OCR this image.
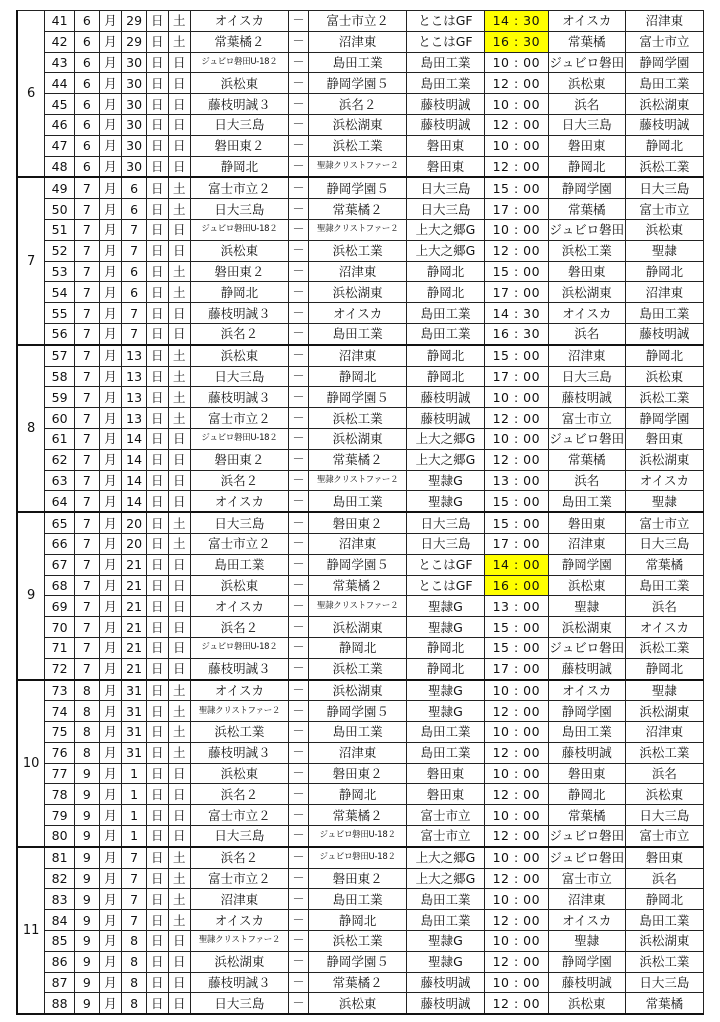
6	41	6	月	29	日	土	オイスカ	－	富士市立２	とこはGF	14 : 30	オイスカ	沼津東
	42	6	月	29	日	土	常葉橘２	－	沼津東	とこはGF	16 : 30	常葉橘	富士市立
	43	6	月	30	日	日	ジュビロ磐田U-18２	－	島田工業	島田工業	10 : 00	ジュビロ磐田	静岡学園
	44	6	月	30	日	日	浜松東	－	静岡学園５	島田工業	12 : 00	浜松東	島田工業
	45	6	月	30	日	日	藤枝明誠３	－	浜名２	藤枝明誠	10 : 00	浜名	浜松湖東
	46	6	月	30	日	日	日大三島	－	浜松湖東	藤枝明誠	12 : 00	日大三島	藤枝明誠
	47	6	月	30	日	日	磐田東２	－	浜松工業	磐田東	10 : 00	磐田東	静岡北
	48	6	月	30	日	日	静岡北	－	聖隷クリストファー２	磐田東	12 : 00	静岡北	浜松工業
7	49	7	月	6	日	土	富士市立２	－	静岡学園５	日大三島	15 : 00	静岡学園	日大三島
	50	7	月	6	日	土	日大三島	－	常葉橘２	日大三島	17 : 00	常葉橘	富士市立
	51	7	月	7	日	日	ジュビロ磐田U-18２	－	聖隷クリストファー２	上大之郷G	10 : 00	ジュビロ磐田	浜松東
	52	7	月	7	日	日	浜松東	－	浜松工業	上大之郷G	12 : 00	浜松工業	聖隷
	53	7	月	6	日	土	磐田東２	－	沼津東	静岡北	15 : 00	磐田東	静岡北
	54	7	月	6	日	土	静岡北	－	浜松湖東	静岡北	17 : 00	浜松湖東	沼津東
	55	7	月	7	日	日	藤枝明誠３	－	オイスカ	島田工業	14 : 30	オイスカ	島田工業
	56	7	月	7	日	日	浜名２	－	島田工業	島田工業	16 : 30	浜名	藤枝明誠
8	57	7	月	13	日	土	浜松東	－	沼津東	静岡北	15 : 00	沼津東	静岡北
	58	7	月	13	日	土	日大三島	－	静岡北	静岡北	17 : 00	日大三島	浜松東
	59	7	月	13	日	土	藤枝明誠３	－	静岡学園５	藤枝明誠	10 : 00	藤枝明誠	浜松工業
	60	7	月	13	日	土	富士市立２	－	浜松工業	藤枝明誠	12 : 00	富士市立	静岡学園
	61	7	月	14	日	日	ジュビロ磐田U-18２	－	浜松湖東	上大之郷G	10 : 00	ジュビロ磐田	磐田東
	62	7	月	14	日	日	磐田東２	－	常葉橘２	上大之郷G	12 : 00	常葉橘	浜松湖東
	63	7	月	14	日	日	浜名２	－	聖隷クリストファー２	聖隷G	13 : 00	浜名	オイスカ
	64	7	月	14	日	日	オイスカ	－	島田工業	聖隷G	15 : 00	島田工業	聖隷
9	65	7	月	20	日	土	日大三島	－	磐田東２	日大三島	15 : 00	磐田東	富士市立
	66	7	月	20	日	土	富士市立２	－	沼津東	日大三島	17 : 00	沼津東	日大三島
	67	7	月	21	日	日	島田工業	－	静岡学園５	とこはGF	14 : 00	静岡学園	常葉橘
	68	7	月	21	日	日	浜松東	－	常葉橘２	とこはGF	16 : 00	浜松東	島田工業
	69	7	月	21	日	日	オイスカ	－	聖隷クリストファー２	聖隷G	13 : 00	聖隷	浜名
	70	7	月	21	日	日	浜名２	－	浜松湖東	聖隷G	15 : 00	浜松湖東	オイスカ
	71	7	月	21	日	日	ジュビロ磐田U-18２	－	静岡北	静岡北	15 : 00	ジュビロ磐田	浜松工業
	72	7	月	21	日	日	藤枝明誠３	－	浜松工業	静岡北	17 : 00	藤枝明誠	静岡北
10	73	8	月	31	日	土	オイスカ	－	浜松湖東	聖隷G	10 : 00	オイスカ	聖隷
	74	8	月	31	日	土	聖隷クリストファー２	－	静岡学園５	聖隷G	12 : 00	静岡学園	浜松湖東
	75	8	月	31	日	土	浜松工業	－	島田工業	島田工業	10 : 00	島田工業	沼津東
	76	8	月	31	日	土	藤枝明誠３	－	沼津東	島田工業	12 : 00	藤枝明誠	浜松工業
	77	9	月	1	日	日	浜松東	－	磐田東２	磐田東	10 : 00	磐田東	浜名
	78	9	月	1	日	日	浜名２	－	静岡北	磐田東	12 : 00	静岡北	浜松東
	79	9	月	1	日	日	富士市立２	－	常葉橘２	富士市立	10 : 00	常葉橘	日大三島
	80	9	月	1	日	日	日大三島	－	ジュビロ磐田U-18２	富士市立	12 : 00	ジュビロ磐田	富士市立
11	81	9	月	7	日	土	浜名２	－	ジュビロ磐田U-18２	上大之郷G	10 : 00	ジュビロ磐田	磐田東
	82	9	月	7	日	土	富士市立２	－	磐田東２	上大之郷G	12 : 00	富士市立	浜名
	83	9	月	7	日	土	沼津東	－	島田工業	島田工業	10 : 00	沼津東	静岡北
	84	9	月	7	日	土	オイスカ	－	静岡北	島田工業	12 : 00	オイスカ	島田工業
	85	9	月	8	日	日	聖隷クリストファー２	－	浜松工業	聖隷G	10 : 00	聖隷	浜松湖東
	86	9	月	8	日	日	浜松湖東	－	静岡学園５	聖隷G	12 : 00	静岡学園	浜松工業
	87	9	月	8	日	日	藤枝明誠３	－	常葉橘２	藤枝明誠	10 : 00	藤枝明誠	日大三島
	88	9	月	8	日	日	日大三島	－	浜松東	藤枝明誠	12 : 00	浜松東	常葉橘
